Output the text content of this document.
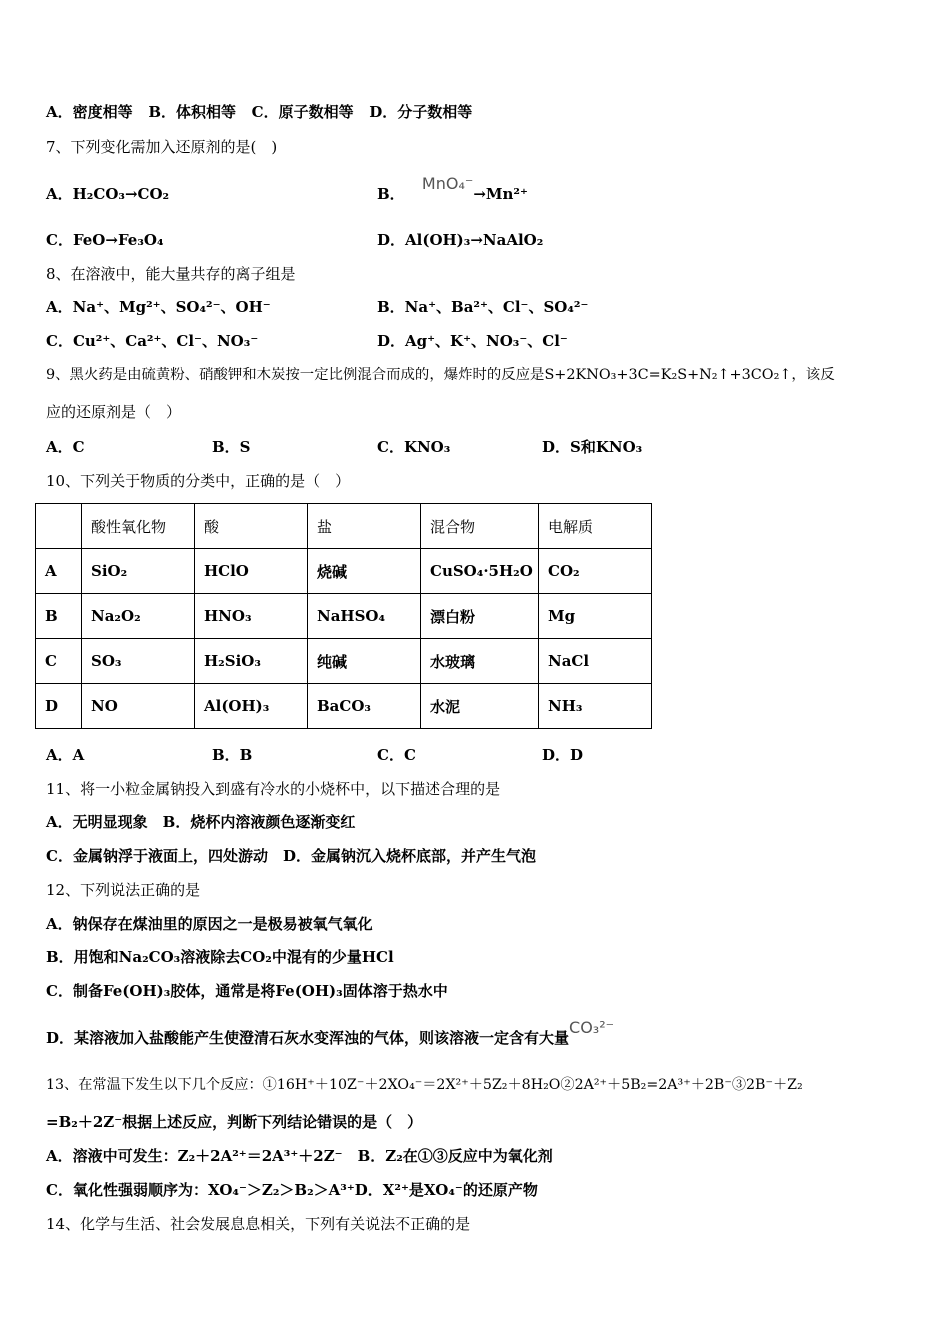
A．密度相等 B．体积相等 C．原子数相等 D．分子数相等
7、下列变化需加入还原剂的是(　)
A．H₂CO₃→CO₂	B． MnO₄⁻→Mn²⁺
C．FeO→Fe₃O₄	D．Al(OH)₃→NaAlO₂
8、在溶液中，能大量共存的离子组是
A．Na⁺、Mg²⁺、SO₄²⁻、OH⁻	B．Na⁺、Ba²⁺、Cl⁻、SO₄²⁻
C．Cu²⁺、Ca²⁺、Cl⁻、NO₃⁻	D．Ag⁺、K⁺、NO₃⁻、Cl⁻
9、黑火药是由硫黄粉、硝酸钾和木炭按一定比例混合而成的，爆炸时的反应是S+2KNO₃+3C=K₂S+N₂↑+3CO₂↑，该反
应的还原剂是（　）
A．C	B．S	C．KNO₃	D．S和KNO₃
10、下列关于物质的分类中，正确的是（　）
	酸性氧化物	酸	盐	混合物	电解质
A	SiO₂	HClO	烧碱	CuSO₄·5H₂O	CO₂
B	Na₂O₂	HNO₃	NaHSO₄	漂白粉	Mg
C	SO₃	H₂SiO₃	纯碱	水玻璃	NaCl
D	NO	Al(OH)₃	BaCO₃	水泥	NH₃
A．A	B．B	C．C	D．D
11、将一小粒金属钠投入到盛有冷水的小烧杯中，以下描述合理的是
A．无明显现象　B．烧杯内溶液颜色逐渐变红
C．金属钠浮于液面上，四处游动　D．金属钠沉入烧杯底部，并产生气泡
12、下列说法正确的是
A．钠保存在煤油里的原因之一是极易被氧气氧化
B．用饱和Na₂CO₃溶液除去CO₂中混有的少量HCl
C．制备Fe(OH)₃胶体，通常是将Fe(OH)₃固体溶于热水中
D．某溶液加入盐酸能产生使澄清石灰水变浑浊的气体，则该溶液一定含有大量CO₃²⁻
13、在常温下发生以下几个反应：①16H⁺＋10Z⁻＋2XO₄⁻＝2X²⁺＋5Z₂＋8H₂O②2A²⁺＋5B₂=2A³⁺＋2B⁻③2B⁻＋Z₂
=B₂＋2Z⁻根据上述反应，判断下列结论错误的是（　）
A．溶液中可发生：Z₂＋2A²⁺＝2A³⁺＋2Z⁻　B．Z₂在①③反应中为氧化剂
C．氧化性强弱顺序为：XO₄⁻＞Z₂＞B₂＞A³⁺D．X²⁺是XO₄⁻的还原产物
14、化学与生活、社会发展息息相关，下列有关说法不正确的是
